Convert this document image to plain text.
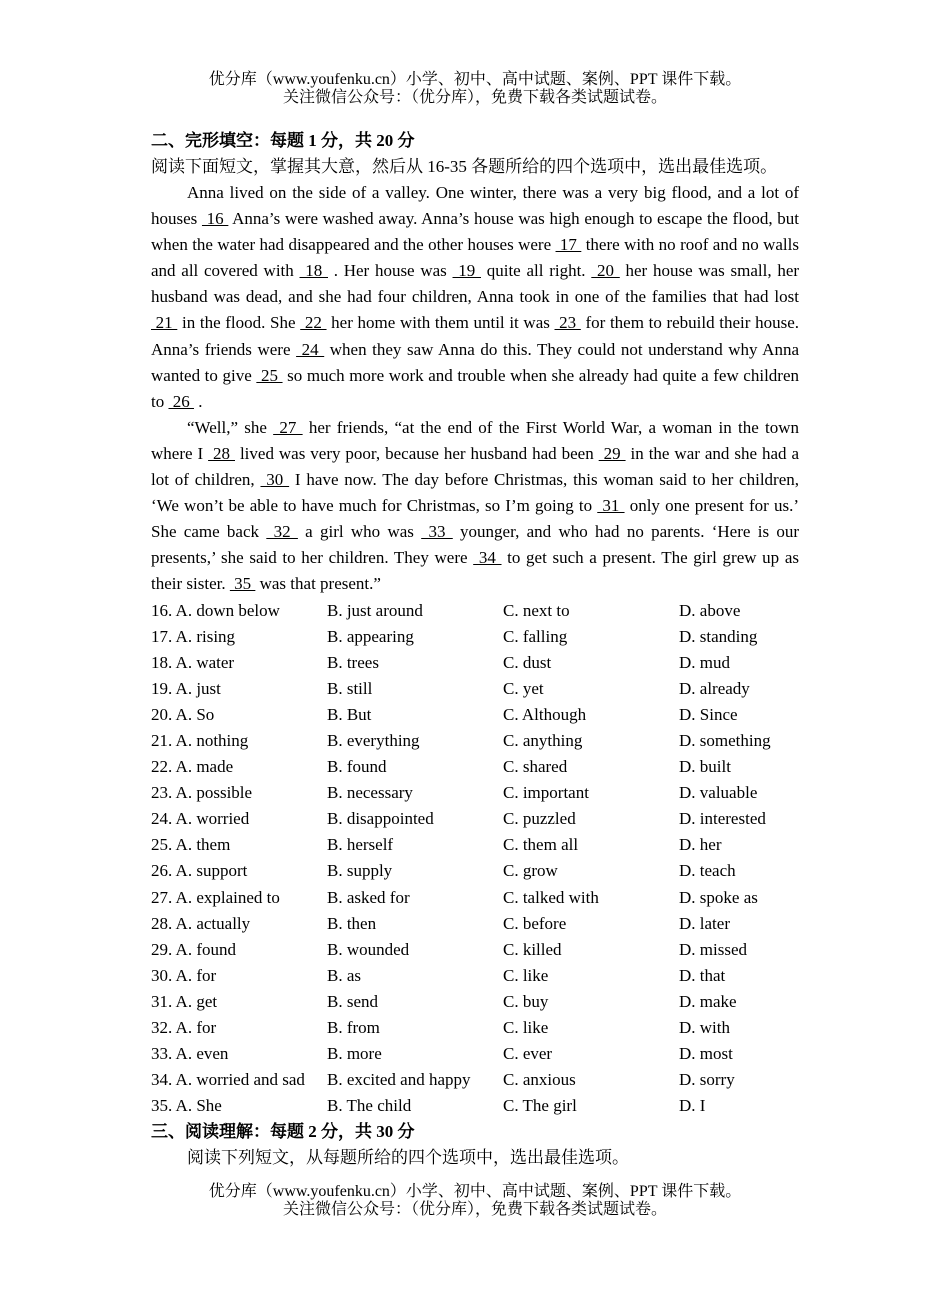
优分库（www.youfenku.cn）小学、初中、高中试题、案例、PPT 课件下载。
关注微信公众号：（优分库），免费下载各类试题试卷。
二、完形填空：每题 1 分，共 20 分
阅读下面短文，掌握其大意，然后从 16-35 各题所给的四个选项中，选出最佳选项。

Anna lived on the side of a valley. One winter, there was a very big flood, and a lot of houses  16  Anna’s were washed away. Anna’s house was high enough to escape the flood, but when the water had disappeared and the other houses were  17  there with no roof and no walls and all covered with  18  . Her house was  19  quite all right.  20  her house was small, her husband was dead, and she had four children, Anna took in one of the families that had lost  21  in the flood. She  22  her home with them until it was  23  for them to rebuild their house. Anna’s friends were  24  when they saw Anna do this. They could not understand why Anna wanted to give  25  so much more work and trouble when she already had quite a few children to  26  .

“Well,” she  27  her friends, “at the end of the First World War, a woman in the town where I  28  lived was very poor, because her husband had been  29  in the war and she had a lot of children,  30  I have now. The day before Christmas, this woman said to her children, ‘We won’t be able to have much for Christmas, so I’m going to  31  only one present for us.’ She came back  32  a girl who was  33  younger, and who had no parents. ‘Here is our presents,’ she said to her children. They were  34  to get such a present. The girl grew up as their sister.  35  was that present.”

16. A. down below	B. just around	C. next to	D. above
17. A. rising	B. appearing	C. falling	D. standing
18. A. water	B. trees	C. dust	D. mud
19. A. just	B. still	C. yet	D. already
20. A. So	B. But	C. Although	D. Since
21. A. nothing	B. everything	C. anything	D. something
22. A. made	B. found	C. shared	D. built
23. A. possible	B. necessary	C. important	D. valuable
24. A. worried	B. disappointed	C. puzzled	D. interested
25. A. them	B. herself	C. them all	D. her
26. A. support	B. supply	C. grow	D. teach
27. A. explained to	B. asked for	C. talked with	D. spoke as
28. A. actually	B. then	C. before	D. later
29. A. found	B. wounded	C. killed	D. missed
30. A. for	B. as	C. like	D. that
31. A. get	B. send	C. buy	D. make
32. A. for	B. from	C. like	D. with
33. A. even	B. more	C. ever	D. most
34. A. worried and sad	B. excited and happy	C. anxious	D. sorry
35. A. She	B. The child	C. The girl	D. I
三、阅读理解：每题 2 分，共 30 分
阅读下列短文，从每题所给的四个选项中，选出最佳选项。
优分库（www.youfenku.cn）小学、初中、高中试题、案例、PPT 课件下载。
关注微信公众号：（优分库），免费下载各类试题试卷。
